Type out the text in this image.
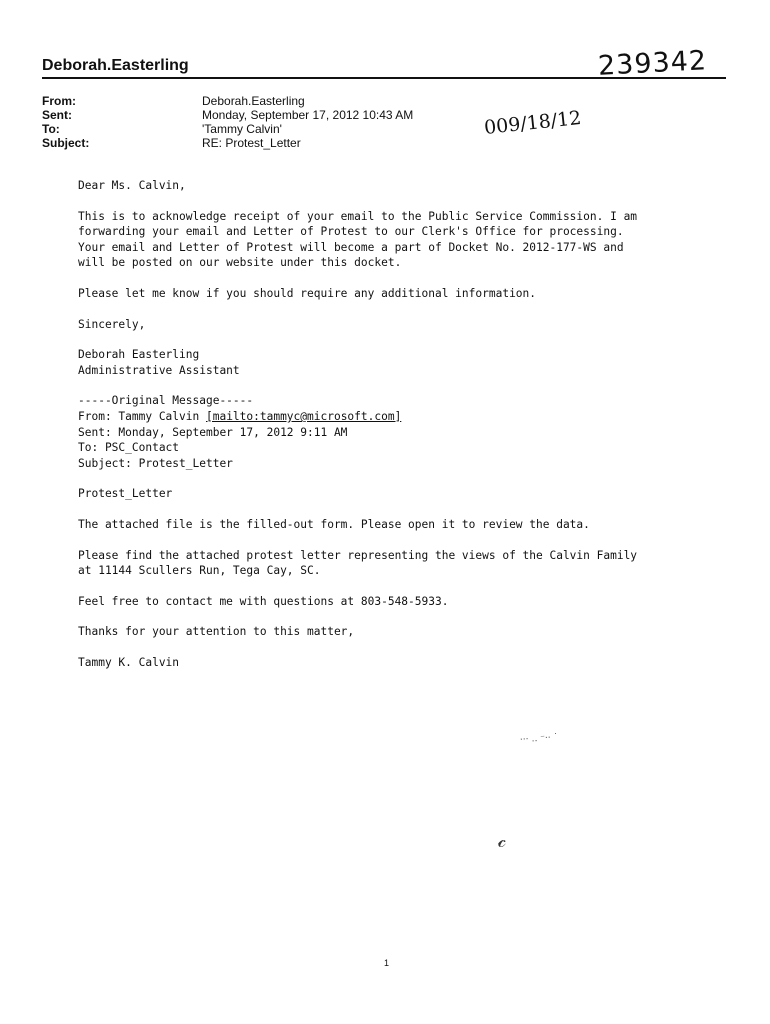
Deborah.Easterling	239342
009/18/12
From:	Deborah.Easterling
Sent:	Monday, September 17, 2012 10:43 AM
To:	'Tammy Calvin'
Subject:	RE: Protest_Letter

Dear Ms. Calvin,

This is to acknowledge receipt of your email to the Public Service Commission. I am
forwarding your email and Letter of Protest to our Clerk's Office for processing.
Your email and Letter of Protest will become a part of Docket No. 2012-177-WS and
will be posted on our website under this docket.

Please let me know if you should require any additional information.

Sincerely,

Deborah Easterling

Administrative Assistant

-----Original Message-----

From: Tammy Calvin [mailto:tammyc@microsoft.com]

Sent: Monday, September 17, 2012 9:11 AM

To: PSC_Contact

Subject: Protest_Letter

Protest_Letter

The attached file is the filled-out form. Please open it to review the data.

Please find the attached protest letter representing the views of the Calvin Family
at 11144 Scullers Run, Tega Cay, SC.

Feel free to contact me with questions at 803-548-5933.

Thanks for your attention to this matter,

Tammy K. Calvin

··· ‥ ⁻·· ˙
𝒸
1
